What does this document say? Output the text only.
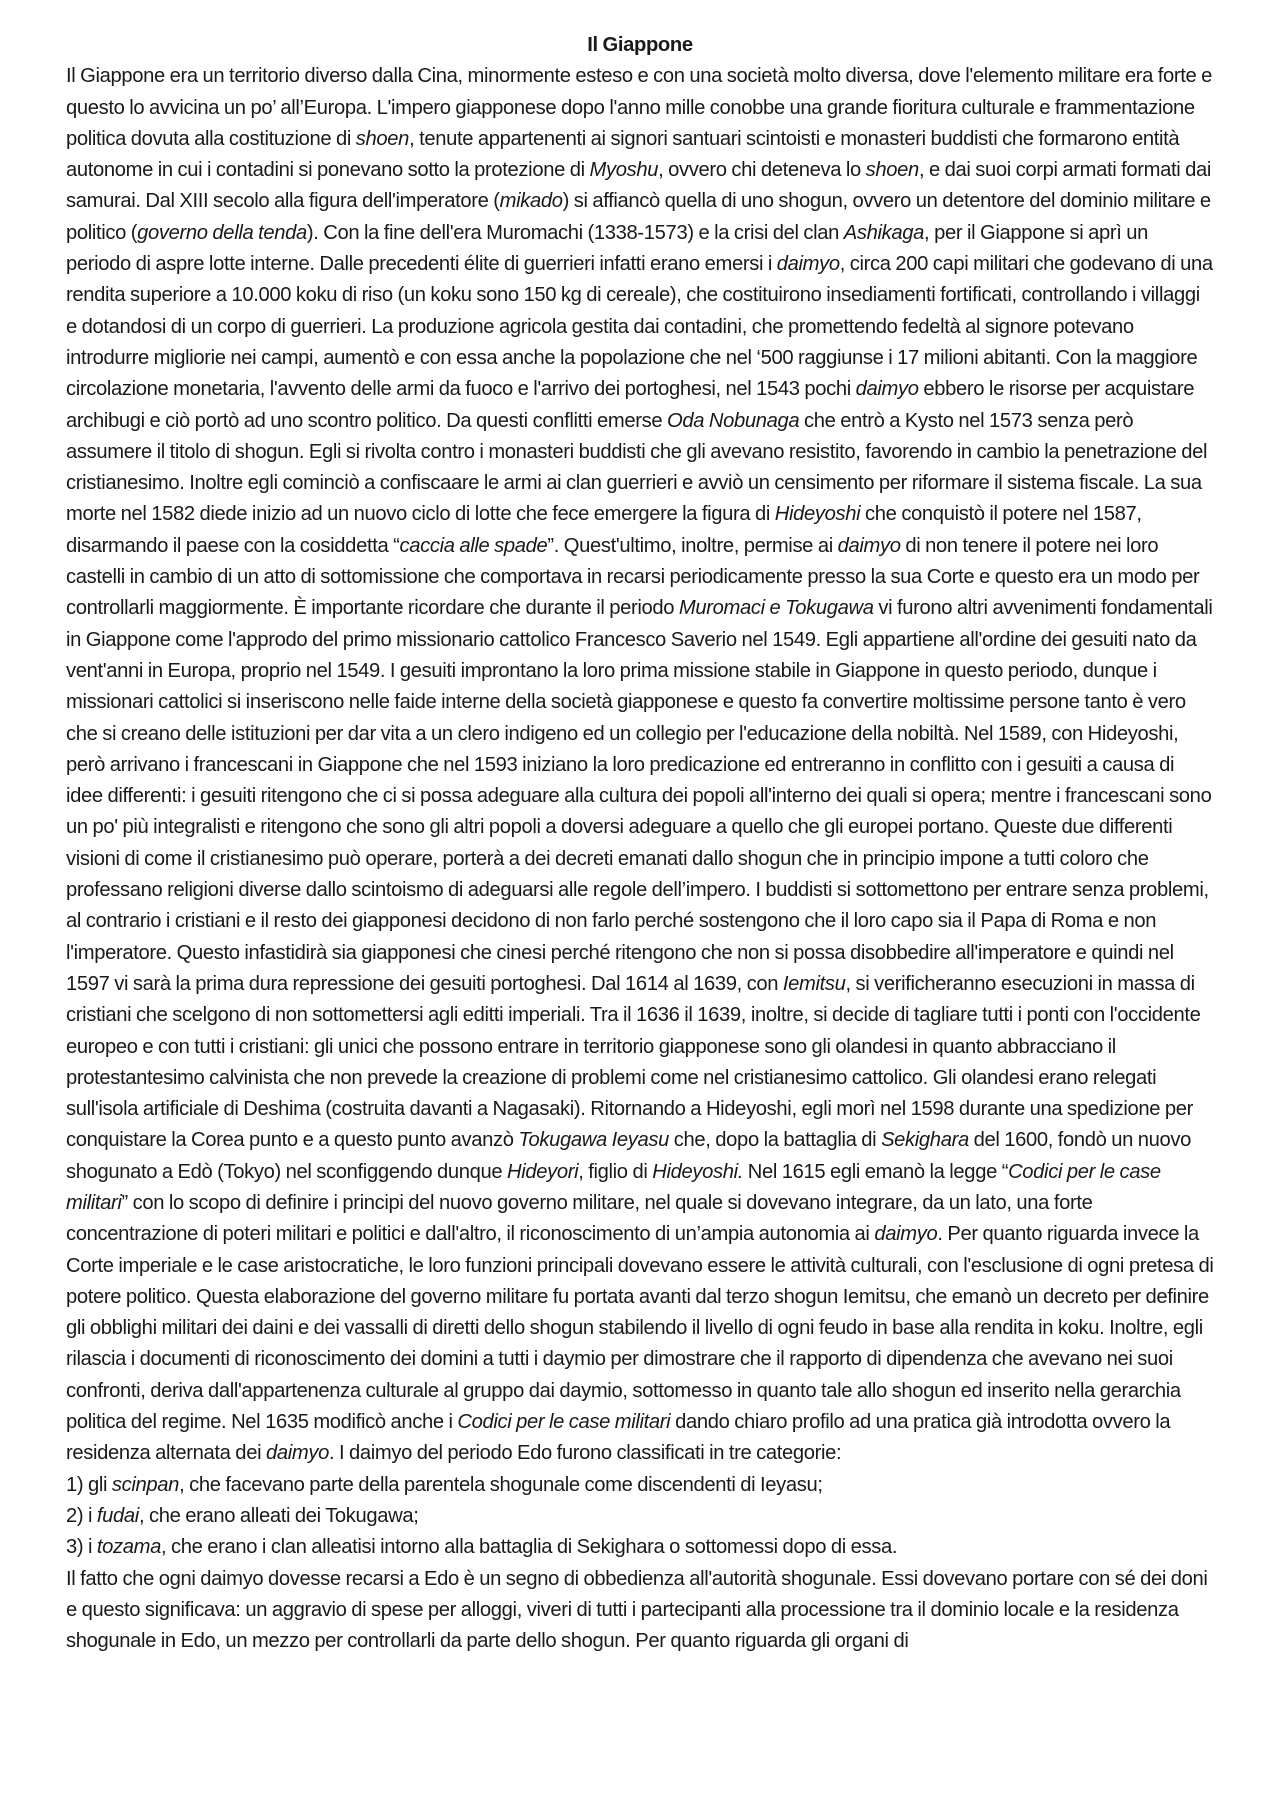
Il Giappone
Il Giappone era un territorio diverso dalla Cina, minormente esteso e con una società molto diversa, dove l'elemento militare era forte e questo lo avvicina un po’ all’Europa. L'impero giapponese dopo l'anno mille conobbe una grande fioritura culturale e frammentazione politica dovuta alla costituzione di shoen, tenute appartenenti ai signori santuari scintoisti e monasteri buddisti che formarono entità autonome in cui i contadini si ponevano sotto la protezione di Myoshu, ovvero chi deteneva lo shoen, e dai suoi corpi armati formati dai samurai. Dal XIII secolo alla figura dell'imperatore (mikado) si affiancò quella di uno shogun, ovvero un detentore del dominio militare e politico (governo della tenda). Con la fine dell'era Muromachi (1338-1573) e la crisi del clan Ashikaga, per il Giappone si aprì un periodo di aspre lotte interne. Dalle precedenti élite di guerrieri infatti erano emersi i daimyo, circa 200 capi militari che godevano di una rendita superiore a 10.000 koku di riso (un koku sono 150 kg di cereale), che costituirono insediamenti fortificati, controllando i villaggi e dotandosi di un corpo di guerrieri. La produzione agricola gestita dai contadini, che promettendo fedeltà al signore potevano introdurre migliorie nei campi, aumentò e con essa anche la popolazione che nel ‘500 raggiunse i 17 milioni abitanti. Con la maggiore circolazione monetaria, l'avvento delle armi da fuoco e l'arrivo dei portoghesi, nel 1543 pochi daimyo ebbero le risorse per acquistare archibugi e ciò portò ad uno scontro politico. Da questi conflitti emerse Oda Nobunaga che entrò a Kysto nel 1573 senza però assumere il titolo di shogun. Egli si rivolta contro i monasteri buddisti che gli avevano resistito, favorendo in cambio la penetrazione del cristianesimo. Inoltre egli cominciò a confiscaare le armi ai clan guerrieri e avviò un censimento per riformare il sistema fiscale. La sua morte nel 1582 diede inizio ad un nuovo ciclo di lotte che fece emergere la figura di Hideyoshi che conquistò il potere nel 1587, disarmando il paese con la cosiddetta “caccia alle spade”. Quest'ultimo, inoltre, permise ai daimyo di non tenere il potere nei loro castelli in cambio di un atto di sottomissione che comportava in recarsi periodicamente presso la sua Corte e questo era un modo per controllarli maggiormente. È importante ricordare che durante il periodo Muromaci e Tokugawa vi furono altri avvenimenti fondamentali in Giappone come l'approdo del primo missionario cattolico Francesco Saverio nel 1549. Egli appartiene all'ordine dei gesuiti nato da vent'anni in Europa, proprio nel 1549. I gesuiti improntano la loro prima missione stabile in Giappone in questo periodo, dunque i missionari cattolici si inseriscono nelle faide interne della società giapponese e questo fa convertire moltissime persone tanto è vero che si creano delle istituzioni per dar vita a un clero indigeno ed un collegio per l'educazione della nobiltà. Nel 1589, con Hideyoshi, però arrivano i francescani in Giappone che nel 1593 iniziano la loro predicazione ed entreranno in conflitto con i gesuiti a causa di idee differenti: i gesuiti ritengono che ci si possa adeguare alla cultura dei popoli all'interno dei quali si opera; mentre i francescani sono un po' più integralisti e ritengono che sono gli altri popoli a doversi adeguare a quello che gli europei portano. Queste due differenti visioni di come il cristianesimo può operare, porterà a dei decreti emanati dallo shogun che in principio impone a tutti coloro che professano religioni diverse dallo scintoismo di adeguarsi alle regole dell’impero. I buddisti si sottomettono per entrare senza problemi, al contrario i cristiani e il resto dei giapponesi decidono di non farlo perché sostengono che il loro capo sia il Papa di Roma e non l'imperatore. Questo infastidirà sia giapponesi che cinesi perché ritengono che non si possa disobbedire all'imperatore e quindi nel 1597 vi sarà la prima dura repressione dei gesuiti portoghesi. Dal 1614 al 1639, con Iemitsu, si verificheranno esecuzioni in massa di cristiani che scelgono di non sottomettersi agli editti imperiali. Tra il 1636 il 1639, inoltre, si decide di tagliare tutti i ponti con l'occidente europeo e con tutti i cristiani: gli unici che possono entrare in territorio giapponese sono gli olandesi in quanto abbracciano il protestantesimo calvinista che non prevede la creazione di problemi come nel cristianesimo cattolico. Gli olandesi erano relegati sull'isola artificiale di Deshima (costruita davanti a Nagasaki). Ritornando a Hideyoshi, egli morì nel 1598 durante una spedizione per conquistare la Corea punto e a questo punto avanzò Tokugawa Ieyasu che, dopo la battaglia di Sekighara del 1600, fondò un nuovo shogunato a Edò (Tokyo) nel sconfiggendo dunque Hideyori, figlio di Hideyoshi. Nel 1615 egli emanò la legge “Codici per le case militari” con lo scopo di definire i principi del nuovo governo militare, nel quale si dovevano integrare, da un lato, una forte concentrazione di poteri militari e politici e dall'altro, il riconoscimento di un’ampia autonomia ai daimyo. Per quanto riguarda invece la Corte imperiale e le case aristocratiche, le loro funzioni principali dovevano essere le attività culturali, con l'esclusione di ogni pretesa di potere politico. Questa elaborazione del governo militare fu portata avanti dal terzo shogun Iemitsu, che emanò un decreto per definire gli obblighi militari dei daini e dei vassalli di diretti dello shogun stabilendo il livello di ogni feudo in base alla rendita in koku. Inoltre, egli rilascia i documenti di riconoscimento dei domini a tutti i daymio per dimostrare che il rapporto di dipendenza che avevano nei suoi confronti, deriva dall'appartenenza culturale al gruppo dai daymio, sottomesso in quanto tale allo shogun ed inserito nella gerarchia politica del regime. Nel 1635 modificò anche i Codici per le case militari dando chiaro profilo ad una pratica già introdotta ovvero la residenza alternata dei daimyo. I daimyo del periodo Edo furono classificati in tre categorie:
1) gli scinpan, che facevano parte della parentela shogunale come discendenti di Ieyasu;
2) i fudai, che erano alleati dei Tokugawa;
3) i tozama, che erano i clan alleatisi intorno alla battaglia di Sekighara o sottomessi dopo di essa.
Il fatto che ogni daimyo dovesse recarsi a Edo è un segno di obbedienza all'autorità shogunale. Essi dovevano portare con sé dei doni e questo significava: un aggravio di spese per alloggi, viveri di tutti i partecipanti alla processione tra il dominio locale e la residenza shogunale in Edo, un mezzo per controllarli da parte dello shogun. Per quanto riguarda gli organi di
